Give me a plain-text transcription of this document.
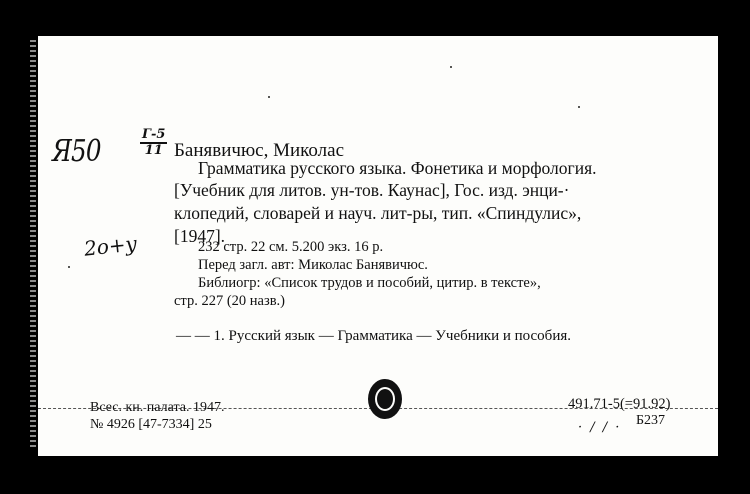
Я50	Г-5
11
2о+у
Банявичюс, Миколас
Грамматика русского языка. Фонетика и морфология.
[Учебник для литов. ун-тов. Каунас], Гос. изд. энци-·
клопедий, словарей и науч. лит-ры, тип. «Спиндулис»,
[1947].
232 стр. 22 см. 5.200 экз. 16 р.
Перед загл. авт: Миколас Банявичюс.
Библиогр: «Список трудов и пособий, цитир. в тексте»,
стр. 227 (20 назв.)
— — 1. Русский язык — Грамматика — Учебники и пособия.
Всес. кн. палата. 1947.
№ 4926 [47-7334] 25
491.71-5(=91.92)
· / / · Б237
